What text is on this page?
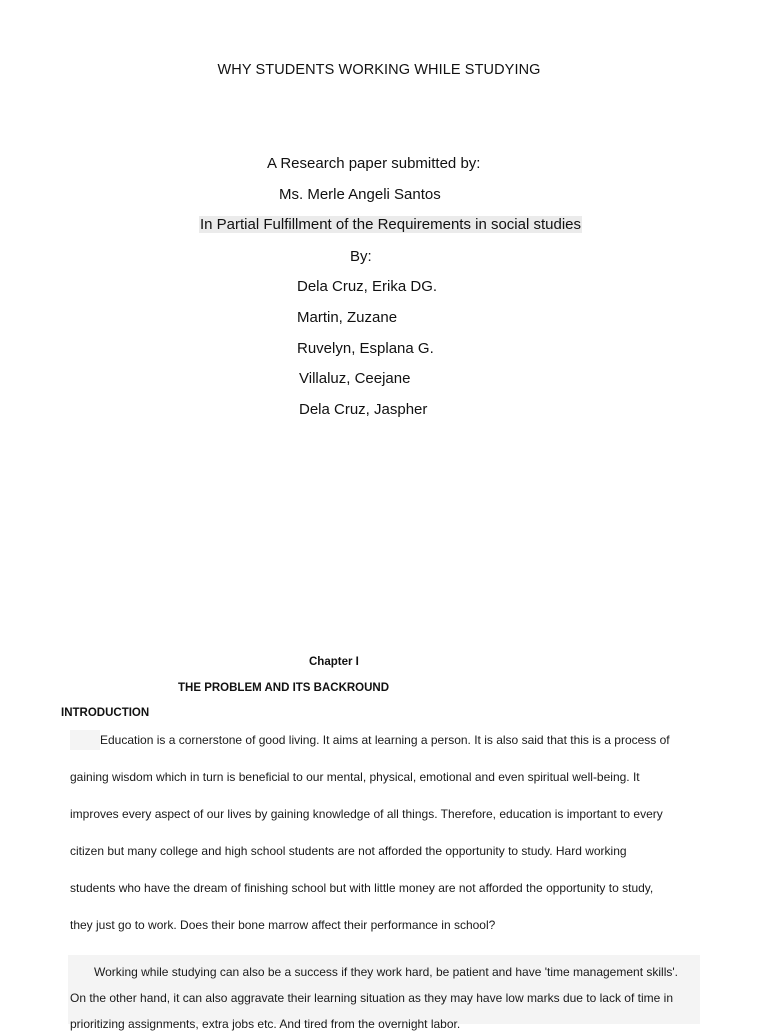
WHY STUDENTS WORKING WHILE STUDYING
A Research paper submitted by:
Ms. Merle Angeli Santos
In Partial Fulfillment of the Requirements in social studies
By:
Dela Cruz, Erika DG.
Martin, Zuzane
Ruvelyn, Esplana G.
Villaluz, Ceejane
Dela Cruz, Jaspher
Chapter I
THE PROBLEM AND ITS BACKROUND
INTRODUCTION
Education is a cornerstone of good living. It aims at learning a person. It is also said that this is a process of
gaining wisdom which in turn is beneficial to our mental, physical, emotional and even spiritual well-being. It
improves every aspect of our lives by gaining knowledge of all things. Therefore, education is important to every
citizen but many college and high school students are not afforded the opportunity to study. Hard working
students who have the dream of finishing school but with little money are not afforded the opportunity to study,
they just go to work. Does their bone marrow affect their performance in school?
Working while studying can also be a success if they work hard, be patient and have 'time management skills'.
On the other hand, it can also aggravate their learning situation as they may have low marks due to lack of time in
prioritizing assignments, extra jobs etc. And tired from the overnight labor.
